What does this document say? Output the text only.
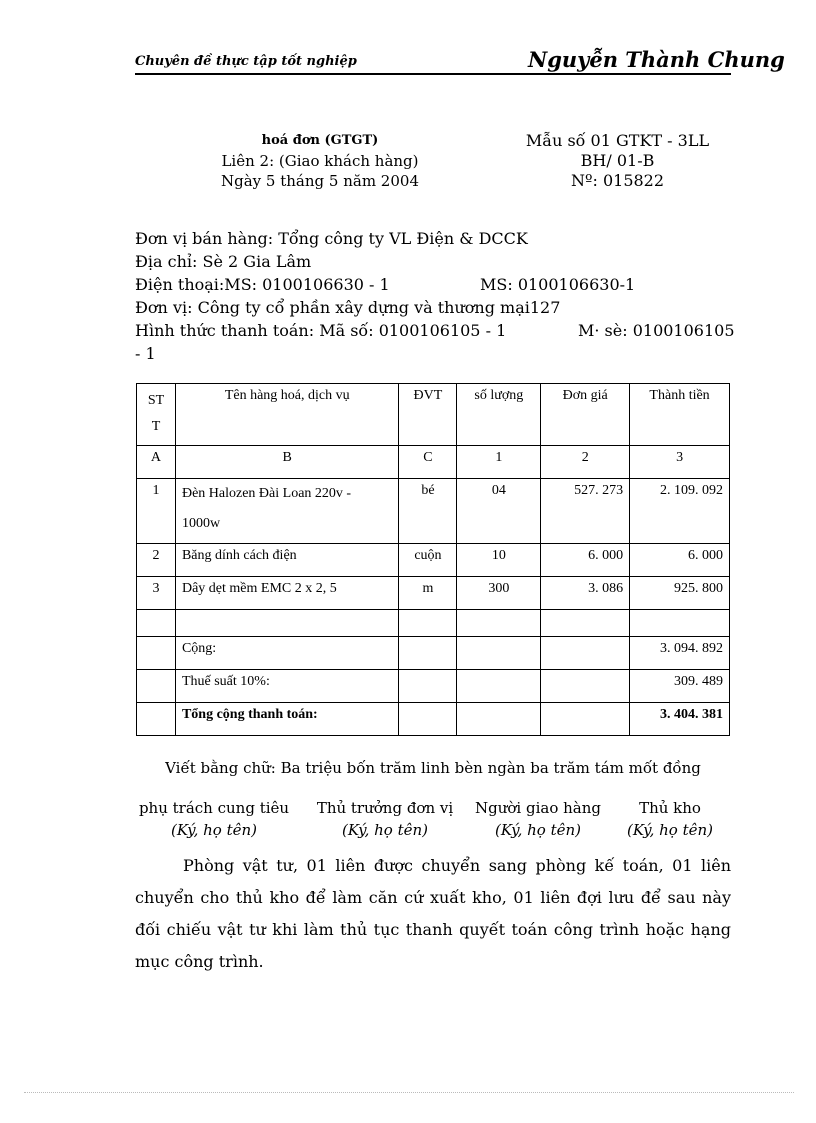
Chuyên đề thực tập tốt nghiệp	Nguyễn Thành Chung
hoá đơn (GTGT)
Liên 2: (Giao khách hàng)
Ngày 5 tháng 5 năm 2004
Mẫu số 01 GTKT - 3LL
BH/ 01-B
Nº: 015822
Đơn vị bán hàng: Tổng công ty VL Điện & DCCK
Địa chỉ: Sè 2 Gia Lâm
Điện thoại:MS: 0100106630 - 1	MS: 0100106630-1
Đơn vị: Công ty cổ phần xây dựng và thương mại127
Hình thức thanh toán: Mã số: 0100106105 - 1	M· sè: 0100106105
- 1
ST T	Tên hàng hoá, dịch vụ	ĐVT	số lượng	Đơn giá	Thành tiền
A	B	C	1	2	3
1	Đèn Halozen Đài Loan 220v - 1000w	bé	04	527. 273	2. 109. 092
2	Băng dính cách điện	cuộn	10	6. 000	6. 000
3	Dây dẹt mềm EMC 2 x 2, 5	m	300	3. 086	925. 800

	Cộng:				3. 094. 892
	Thuế suất 10%:				309. 489
	Tổng cộng thanh toán:				3. 404. 381
Viết bằng chữ: Ba triệu bốn trăm linh bèn ngàn ba trăm tám mốt đồng
phụ trách cung tiêu
(Ký, họ tên)
Thủ trưởng đơn vị
(Ký, họ tên)
Người giao hàng
(Ký, họ tên)
Thủ kho
(Ký, họ tên)
Phòng vật tư, 01 liên được chuyển sang phòng kế toán, 01 liên chuyển cho thủ kho để làm căn cứ xuất kho, 01 liên đợi lưu để sau này đối chiếu vật tư khi làm thủ tục thanh quyết toán công trình hoặc hạng mục công trình.
